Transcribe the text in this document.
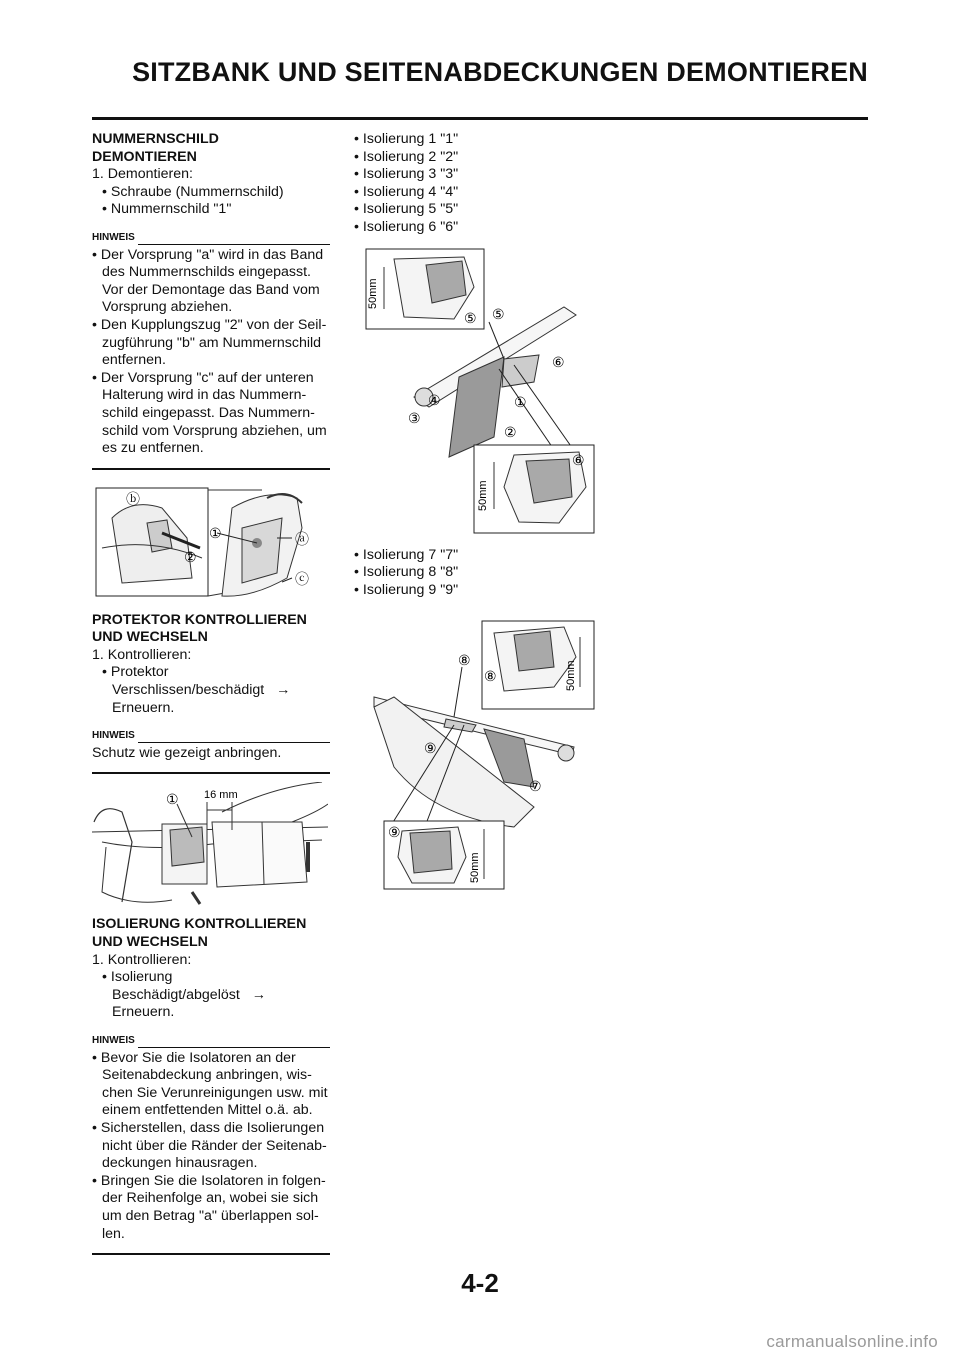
SITZBANK UND SEITENABDECKUNGEN DEMONTIEREN

NUMMERNSCHILD

DEMONTIEREN

1. Demontieren:

• Schraube (Nummernschild)

• Nummernschild "1"

HINWEIS

• Der Vorsprung "a" wird in das Band des Nummernschilds eingepasst. Vor der Demontage das Band vom Vorsprung abziehen.

• Den Kupplungszug "2" von der Seil-zugführung "b" am Nummernschild entfernen.

• Der Vorsprung "c" auf der unteren Halterung wird in das Nummern-schild eingepasst. Das Nummern-schild vom Vorsprung abziehen, um es zu entfernen.

ⓑ
①	ⓐ
②
ⓒ

PROTEKTOR KONTROLLIEREN

UND WECHSELN

1. Kontrollieren:

• Protektor

Verschlissen/beschädigt →

Erneuern.

HINWEIS

Schutz wie gezeigt anbringen.

① 16 mm

ISOLIERUNG KONTROLLIEREN

UND WECHSELN

1. Kontrollieren:

• Isolierung

Beschädigt/abgelöst →

Erneuern.

HINWEIS

• Bevor Sie die Isolatoren an der Seitenabdeckung anbringen, wis-chen Sie Verunreinigungen usw. mit einem entfettenden Mittel o.ä. ab.

• Sicherstellen, dass die Isolierungen nicht über die Ränder der Seitenab-deckungen hinausragen.

• Bringen Sie die Isolatoren in folgen-der Reihenfolge an, wobei sie sich um den Betrag "a" überlappen sol-len.

• Isolierung 1 "1"

• Isolierung 2 "2"

• Isolierung 3 "3"

• Isolierung 4 "4"

• Isolierung 5 "5"

• Isolierung 6 "6"

50mm
⑤ ⑤
⑥
④	①
③
②
50mm
⑥

• Isolierung 7 "7"

• Isolierung 8 "8"

• Isolierung 9 "9"

50mm
⑧
⑧
⑨
⑦
50mm
⑨
4-2
carmanualsonline.info
